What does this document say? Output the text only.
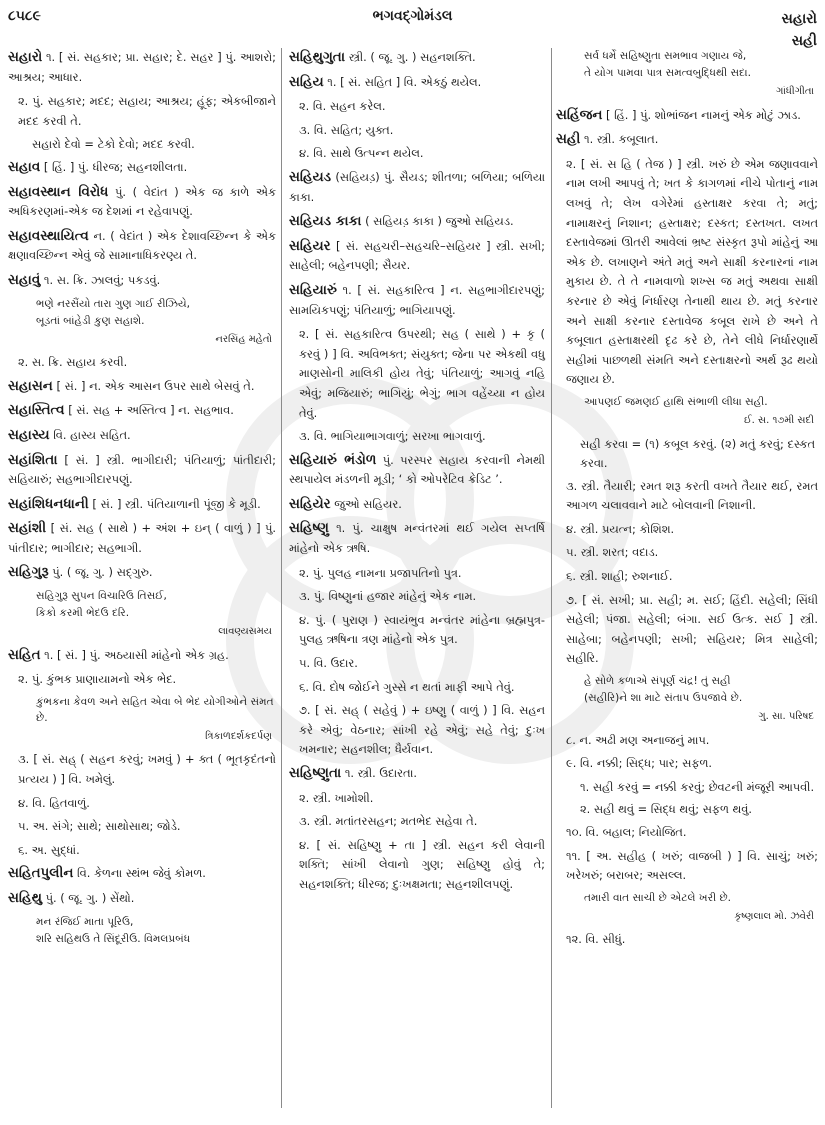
૮૫૮૯	ભગવદ્‌ગોમંડલ	સહારો
સહી
સહારો ૧. [ સં. સહકાર; પ્રા. સહાર; દે. સહર ] પું. આશરો; આશ્રય; આધાર.
૨. પું. સહકાર; મદદ; સહાય; આશ્રય; હૂંફ; એકબીજાને મદદ કરવી તે.
સહારો દેવો = ટેકો દેવો; મદદ કરવી.
સહાવ [ હિં. ] પું. ધીરજ; સહનશીલતા.
સહાવસ્થાન વિરોધ પું. ( વેદાંત ) એક જ કાળે એક અધિકરણમાં-એક જ દેશમાં ન રહેવાપણું.
સહાવસ્થાયિત્વ ન. ( વેદાંત ) એક દેશાવચ્છિન્ન કે એક ક્ષણાવચ્છિન્ન એવું જે સામાનાધિકરણ્ય તે.
સહાવું ૧. સ. ક્રિ. ઝાલવું; પકડવું.
ભણે નરસૈંયો તારા ગુણ ગાઈ રીઝિયે,
બૂડતાં બાંહેડી કુણ સહાશે.
નરસિંહ મહેતો
૨. સ. ક્રિ. સહાય કરવી.
સહાસન [ સં. ] ન. એક આસન ઉપર સાથે બેસવું તે.
સહાસ્તિત્વ [ સં. સહ + અસ્તિત્વ ] ન. સહભાવ.
સહાસ્ય વિ. હાસ્ય સહિત.
સહાંશિતા [ સં. ] સ્ત્રી. ભાગીદારી; પંતિયાળું; પાંતીદારી; સહિયારું; સહભાગીદારપણું.
સહાંશિધનધાની [ સં. ] સ્ત્રી. પંતિયાળાની પૂંજી કે મૂડી.
સહાંશી [ સં. સહ ( સાથે ) + અંશ + ઇન્ ( વાળું ) ] પું. પાંતીદાર; ભાગીદાર; સહભાગી.
સહિગુરૂ પું. ( જૂ. ગુ. ) સદ્‌ગુરુ.
સહિગુરૂ સુપન વિચારિઉ તિસઈ,
કિકો કરમી ભેદઉ દરિ.
લાવણ્યસમય
સહિત ૧. [ સં. ] પું. અઠયાસી માંહેનો એક ગ્રહ.
૨. પું. કુંભક પ્રાણાયામનો એક ભેદ.
કુંભકના કેવળ અને સહિત એવા બે ભેદ યોગીઓને સંમત છે.
ત્રિકાળદર્શકદર્પણ
૩. [ સં. સહ્ ( સહન કરવું; ખમવું ) + ક્ત ( ભૂતકૃદંતનો પ્રત્યય ) ] વિ. ખમેલું.
૪. વિ. હિતવાળું.
૫. અ. સંગે; સાથે; સાથોસાથ; જોડે.
૬. અ. સુદ્ધાં.
સહિતપુલીન વિ. કેળના સ્થંભ જેવું કોમળ.
સહિથુ પું. ( જૂ. ગુ. ) સેંથો.
મન રંજિઈ માતા પૂરિઉ,
શરિ સહિથઉ તે સિંદૂરીઉ. વિમલપ્રબંધ
સહિથુગુતા સ્ત્રી. ( જૂ. ગુ. ) સહનશક્તિ.
સહિય ૧. [ સં. સહિત ] વિ. એકઠું થયેલ.
૨. વિ. સહન કરેલ.
૩. વિ. સહિત; યુક્ત.
૪. વિ. સાથે ઉત્પન્ન થયેલ.
સહિયડ (સહિયડ઼) પું. સૈયડ; શીતળા; બળિયા; બળિયા કાકા.
સહિયડ કાકા ( સહિયડ઼ કાકા ) જુઓ સહિયડ.
સહિયર [ સં. સહચરી–સહચરિ–સહિયર ] સ્ત્રી. સખી; સાહેલી; બહેનપણી; સૈયર.
સહિયારું ૧. [ સં. સહકારિત્વ ] ન. સહભાગીદારપણું; સામયિકપણું; પંતિયાળું; ભાગિયાપણું.
૨. [ સં. સહકારિત્વ ઉપરથી; સહ ( સાથે ) + કૃ ( કરવું ) ] વિ. અવિભક્ત; સંયુક્ત; જેના પર એકથી વધુ માણસોની માલિકી હોય તેવું; પંતિયાળું; આગવું નહિ એવું; મજિયારું; ભાગિયું; ભેગું; ભાગ વહેંચ્યા ન હોય તેવું.
૩. વિ. ભાગિયાભાગવાળું; સરખા ભાગવાળું.
સહિયારું ભંડોળ પું. પરસ્પર સહાય કરવાની નેમથી સ્થપાયેલ મંડળની મૂડી; ‘ કો ઓપરેટિવ ક્રેડિટ ’.
સહિયેર જુઓ સહિયર.
સહિષ્ણુ ૧. પું. ચાક્ષુષ મન્વંતરમાં થઈ ગયેલ સપ્તર્ષિ માંહેનો એક ઋષિ.
૨. પું. પુલહ નામના પ્રજાપતિનો પુત્ર.
૩. પું. વિષ્ણુનાં હજાર માંહેનું એક નામ.
૪. પું. ( પુરાણ ) સ્વાયંભુવ મન્વંતર માંહેના બ્રહ્મપુત્ર-પુલહ ઋષિના ત્રણ માંહેનો એક પુત્ર.
૫. વિ. ઉદાર.
૬. વિ. દોષ જોઈને ગુસ્સે ન થતાં માફી આપે તેવું.
૭. [ સં. સહ્ ( સહેવું ) + ઇષ્ણુ ( વાળું ) ] વિ. સહન કરે એવું; વેઠનાર; સાંખી રહે એવું; સહે તેવું; દુઃખ ખમનાર; સહનશીલ; ધૈર્યવાન.
સહિષ્ણુતા ૧. સ્ત્રી. ઉદારતા.
૨. સ્ત્રી. ખામોશી.
૩. સ્ત્રી. મતાંતરસહન; મતભેદ સહેવા તે.
૪. [ સં. સહિષ્ણુ + તા ] સ્ત્રી. સહન કરી લેવાની શક્તિ; સાંખી લેવાનો ગુણ; સહિષ્ણુ હોવું તે; સહનશક્તિ; ધીરજ; દુઃખક્ષમતા; સહનશીલપણું.
સર્વ ધર્મે સહિષ્ણુતા સમભાવ ગણાય જે,
તે યોગ પામવા પાત્ર સમત્વબુદ્ધિથી સદા.
ગાંધીગીતા
સહિંજન [ હિં. ] પું. શોભાંજન નામનું એક મોટું ઝાડ.
સહી ૧. સ્ત્રી. કબૂલાત.
૨. [ સં. સ હિ ( તેજ ) ] સ્ત્રી. ખરું છે એમ જણાવવાને નામ લખી આપવું તે; ખત કે કાગળમાં નીચે પોતાનું નામ લખવું તે; લેખ વગેરેમાં હસ્તાક્ષર કરવા તે; મતું; નામાક્ષરનું નિશાન; હસ્તાક્ષર; દસ્કત; દસ્તખત. લખત દસ્તાવેજમાં ઊતરી આવેલાં ભ્રષ્ટ સંસ્કૃત રૂપો માંહેનું આ એક છે. લખાણને અંતે મતું અને સાક્ષી કરનારનાં નામ મુકાય છે. તે તે નામવાળો શખ્સ જ મતું અથવા સાક્ષી કરનાર છે એવું નિર્ધારણ તેનાથી થાય છે. મતું કરનાર અને સાક્ષી કરનાર દસ્તાવેજ કબૂલ રાખે છે અને તે કબૂલાત હસ્તાક્ષરથી દૃઢ કરે છે, તેને લીધે નિર્ધારણાર્થે સહીમાં પાછળથી સંમતિ અને દસ્તાક્ષરનો અર્થ રૂઢ થયો જણાય છે.
આપણઈ જમણઈ હાથિ સંભાળી લીધા સહી.
ઈ. સ. ૧૭મી સદી
સહી કરવા = (૧) કબૂલ કરવું. (૨) મતું કરવું; દસ્કત કરવા.
૩. સ્ત્રી. તૈયારી; રમત શરૂ કરતી વખતે તૈયાર થઈ, રમત આગળ ચલાવવાને માટે બોલવાની નિશાની.
૪. સ્ત્રી. પ્રયત્ન; કોશિશ.
૫. સ્ત્રી. શરત; વદાડ.
૬. સ્ત્રી. શાહી; રુશનાઈ.
૭. [ સં. સખી; પ્રા. સહી; મ. સઈ; હિંદી. સહેલી; સિંધી સહેલી; પંજા. સહેલી; બંગા. સઈ ઉત્ક. સઈ ] સ્ત્રી. સાહેબા; બહેનપણી; સખી; સહિયર; મિત્ર સાહેલી; સહીરિ.
હે સોળે કળાએ સંપૂર્ણ ચંદ્ર! તું સહી
(સહીરિ)ને શા માટે સંતાપ ઉપજાવે છે.
ગુ. સા. પરિષદ
૮. ન. અઢી મણ અનાજનું માપ.
૯. વિ. નક્કી; સિદ્ધ; પાર; સફળ.
૧. સહી કરવું = નક્કી કરવું; છેવટની મંજૂરી આપવી.
૨. સહી થવું = સિદ્ધ થવું; સફળ થવું.
૧૦. વિ. બહાલ; નિયોજિત.
૧૧. [ અ. સહીહ ( ખરું; વાજબી ) ] વિ. સાચું; ખરું; ખરેખરું; બરાબર; અસલ્લ.
તમારી વાત સાચી છે એટલે ખરી છે.
કૃષ્ણલાલ મો. ઝવેરી
૧૨. વિ. સીધું.
